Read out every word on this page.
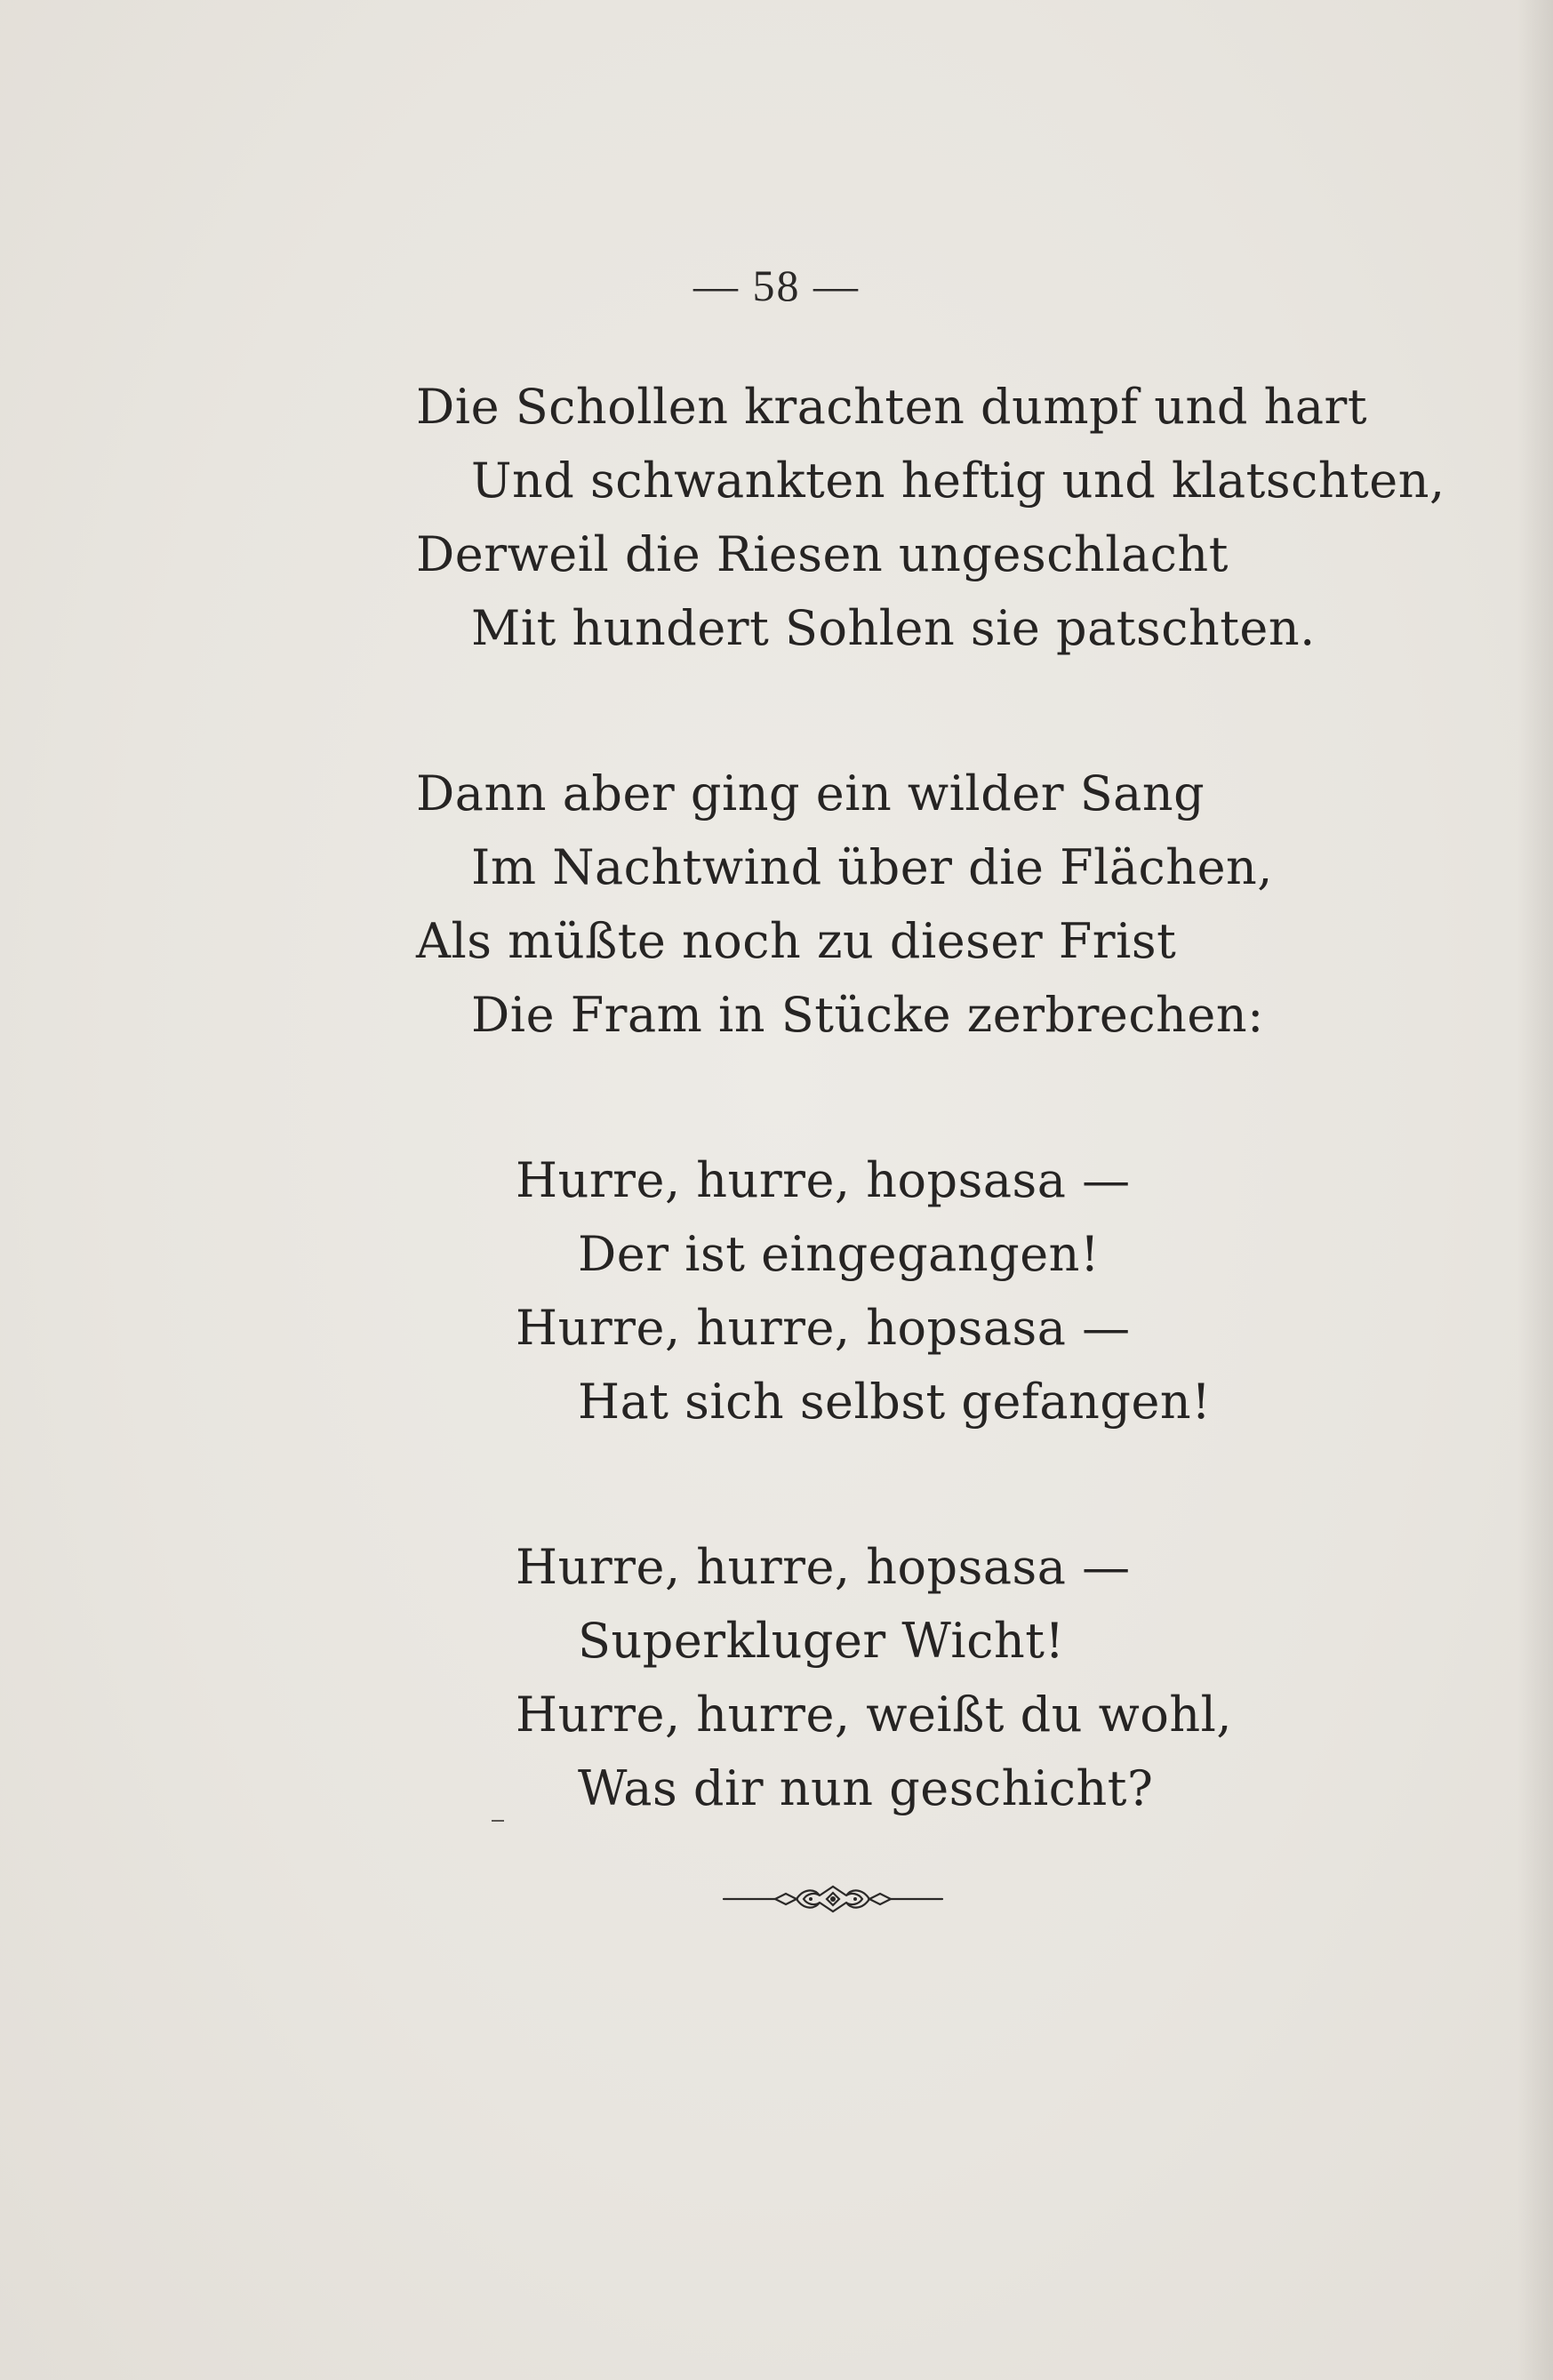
— 58 —
Die Schollen krachten dumpf und hart
Und schwankten heftig und klatschten,
Derweil die Riesen ungeschlacht
Mit hundert Sohlen sie patschten.
Dann aber ging ein wilder Sang
Im Nachtwind über die Flächen,
Als müßte noch zu dieser Frist
Die Fram in Stücke zerbrechen:
Hurre, hurre, hopsasa —
Der ist eingegangen!
Hurre, hurre, hopsasa —
Hat sich selbst gefangen!
Hurre, hurre, hopsasa —
Superkluger Wicht!
Hurre, hurre, weißt du wohl,
Was dir nun geschicht?
